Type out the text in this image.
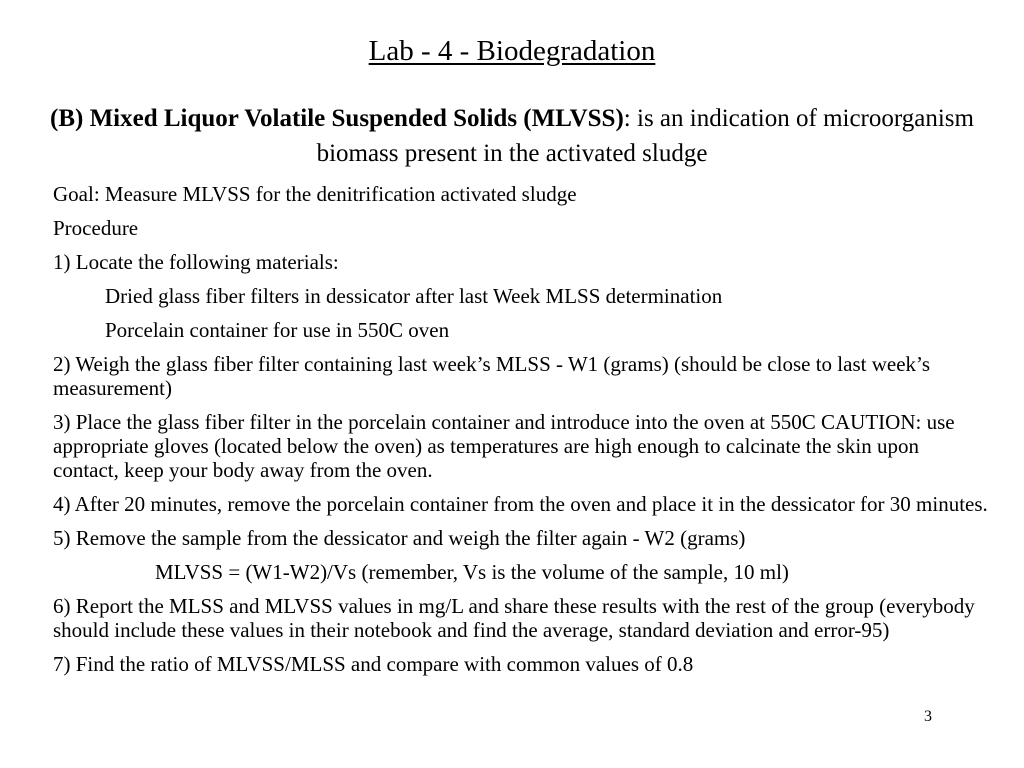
Lab - 4 - Biodegradation
(B) Mixed Liquor Volatile Suspended Solids (MLVSS): is an indication of microorganism biomass present in the activated sludge

Goal: Measure MLVSS for the denitrification activated sludge

Procedure

1) Locate the following materials:

Dried glass fiber filters in dessicator after last Week MLSS determination

Porcelain container for use in 550C oven

2) Weigh the glass fiber filter containing last week’s MLSS - W1 (grams) (should be close to last week’s measurement)

3) Place the glass fiber filter in the porcelain container and introduce into the oven at 550C CAUTION: use appropriate gloves (located below the oven) as temperatures are high enough to calcinate the skin upon contact, keep your body away from the oven.

4) After 20 minutes, remove the porcelain container from the oven and place it in the dessicator for 30 minutes.

5) Remove the sample from the dessicator and weigh the filter again - W2 (grams)

MLVSS = (W1-W2)/Vs (remember, Vs is the volume of the sample, 10 ml)

6) Report the MLSS and MLVSS values in mg/L and share these results with the rest of the group (everybody should include these values in their notebook and find the average, standard deviation and error-95)

7) Find the ratio of MLVSS/MLSS and compare with common values of 0.8

3
